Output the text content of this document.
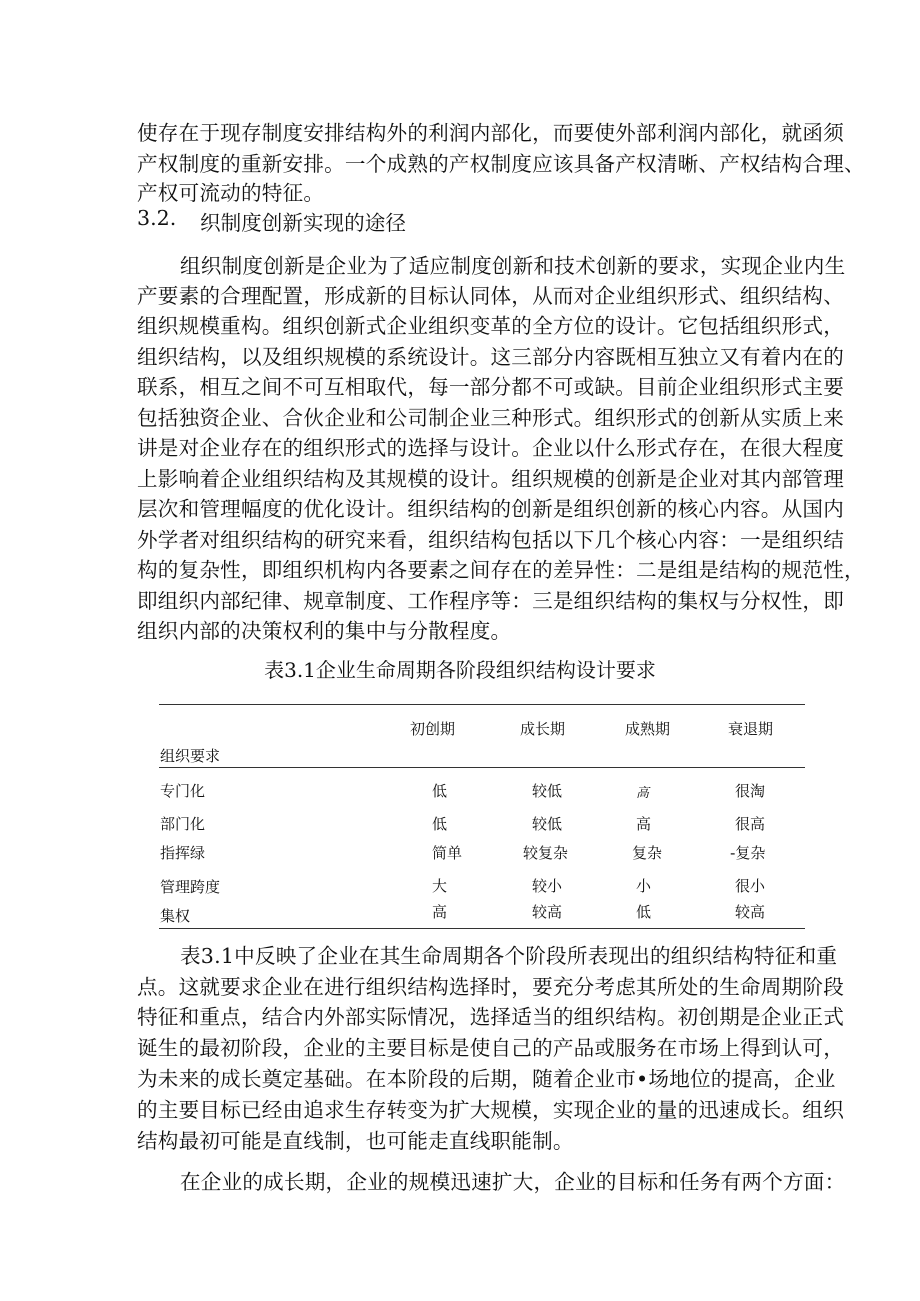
使存在于现存制度安排结构外的利润内部化，而要使外部利润内部化，就函须
产权制度的重新安排。一个成熟的产权制度应该具备产权清晰、产权结构合理、
产权可流动的特征。
3.2. 织制度创新实现的途径
组织制度创新是企业为了适应制度创新和技术创新的要求，实现企业内生
产要素的合理配置，形成新的目标认同体，从而对企业组织形式、组织结构、
组织规模重构。组织创新式企业组织变革的全方位的设计。它包括组织形式，
组织结构，以及组织规模的系统设计。这三部分内容既相互独立又有着内在的
联系，相互之间不可互相取代，每一部分都不可或缺。目前企业组织形式主要
包括独资企业、合伙企业和公司制企业三种形式。组织形式的创新从实质上来
讲是对企业存在的组织形式的选择与设计。企业以什么形式存在，在很大程度
上影响着企业组织结构及其规模的设计。组织规模的创新是企业对其内部管理
层次和管理幅度的优化设计。组织结构的创新是组织创新的核心内容。从国内
外学者对组织结构的研究来看，组织结构包括以下几个核心内容：一是组织结
构的复杂性，即组织机构内各要素之间存在的差异性：二是组是结构的规范性，
即组织内部纪律、规章制度、工作程序等：三是组织结构的集权与分权性，即
组织内部的决策权利的集中与分散程度。
表3.1企业生命周期各阶段组织结构设计要求
初创期	成长期	成熟期	衰退期
组织要求
专门化	低	较低	高	很淘
部门化	低	较低	高	很高
指挥绿	简单	较复杂	复杂	-复杂
管理跨度	大	较小	小	很小
集权	高	较高	低	较高
表3.1中反映了企业在其生命周期各个阶段所表现出的组织结构特征和重
点。这就要求企业在进行组织结构选择时，要充分考虑其所处的生命周期阶段
特征和重点，结合内外部实际情况，选择适当的组织结构。初创期是企业正式
诞生的最初阶段，企业的主要目标是使自己的产品或服务在市场上得到认可，
为未来的成长奠定基础。在本阶段的后期，随着企业市•场地位的提高，企业
的主要目标已经由追求生存转变为扩大规模，实现企业的量的迅速成长。组织
结构最初可能是直线制，也可能走直线职能制。
在企业的成长期，企业的规模迅速扩大，企业的目标和任务有两个方面：
